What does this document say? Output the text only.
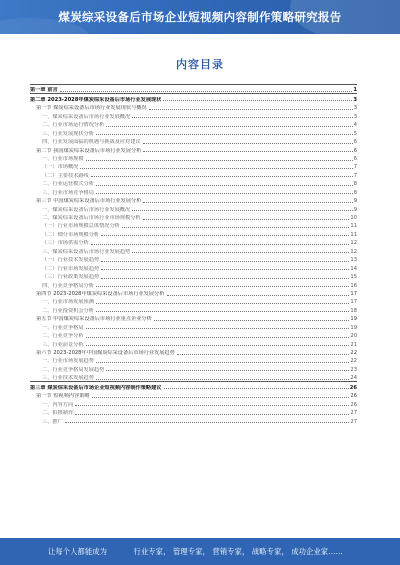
煤炭综采设备后市场企业短视频内容制作策略研究报告
内容目录
第一章 前言	1
第二章 2023-2028年煤炭综采设备后市场行业发展现状	3
第一节 煤炭综采设备后市场行业发展现状与概况	3
一、煤炭综采设备后市场行业发展概况	3
二、行业市场运行情况分析	4
三、行业发展现状分析	5
四、行业发展面临的机遇与挑战及应对建议	6
第二节 我国煤炭综采设备后市场行业发展分析	6
一、行业市场规模	6
（一）市场概况	7
（二）主要技术路线	7
二、行业运营模式分析	8
三、行业市场竞争格局	8
第三节 中国煤炭综采设备后市场行业发展分析	9
一、煤炭综采设备后市场行业发展概况	9
二、煤炭综采设备后市场行业市场规模分析	10
（一）行业市场规模总体情况分析	11
（二）细分市场规模分析	11
（三）市场供需分析	12
三、煤炭综采设备后市场行业发展趋势	12
（一）行业技术发展趋势	13
（二）行业市场发展趋势	14
（三）行业政策发展趋势	15
四、行业竞争格局分析	16
第四节 2023-2028年煤炭综采设备后市场行业发展分析	17
一、行业市场发展预测	17
二、行业投资机会分析	18
第五节 中国煤炭综采设备后市场行业重点企业分析	19
一、行业竞争格局	19
二、行业竞争分析	20
三、行业前景分析	21
第六节 2023-2028年中国煤炭综采设备后市场行业发展趋势	22
一、行业市场发展趋势	22
二、行业竞争格局发展趋势	23
三、行业技术发展趋势	24
第三章 煤炭综采设备后市场企业短视频内容制作策略建议	26
第一节 短视频内容策略	26
一、内容方向	26
二、拍摄制作	27
三、推广	27
让每个人都能成为	行业专家， 管理专家， 营销专家， 战略专家， 成功企业家……
